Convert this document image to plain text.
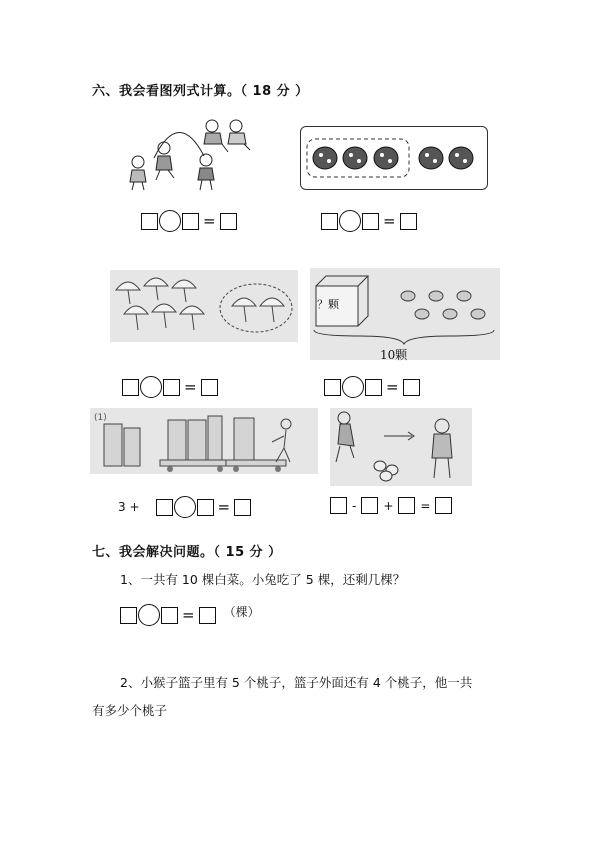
六、我会看图列式计算。（ 18 分 ）
=	=
？颗
10颗
=	=
(1)
3 +	=	- + =
七、我会解决问题。（ 15 分 ）
1、一共有 10 棵白菜。小兔吃了 5 棵，还剩几棵？
= （棵）
2、小猴子篮子里有 5 个桃子，篮子外面还有 4 个桃子，他一共
有多少个桃子
